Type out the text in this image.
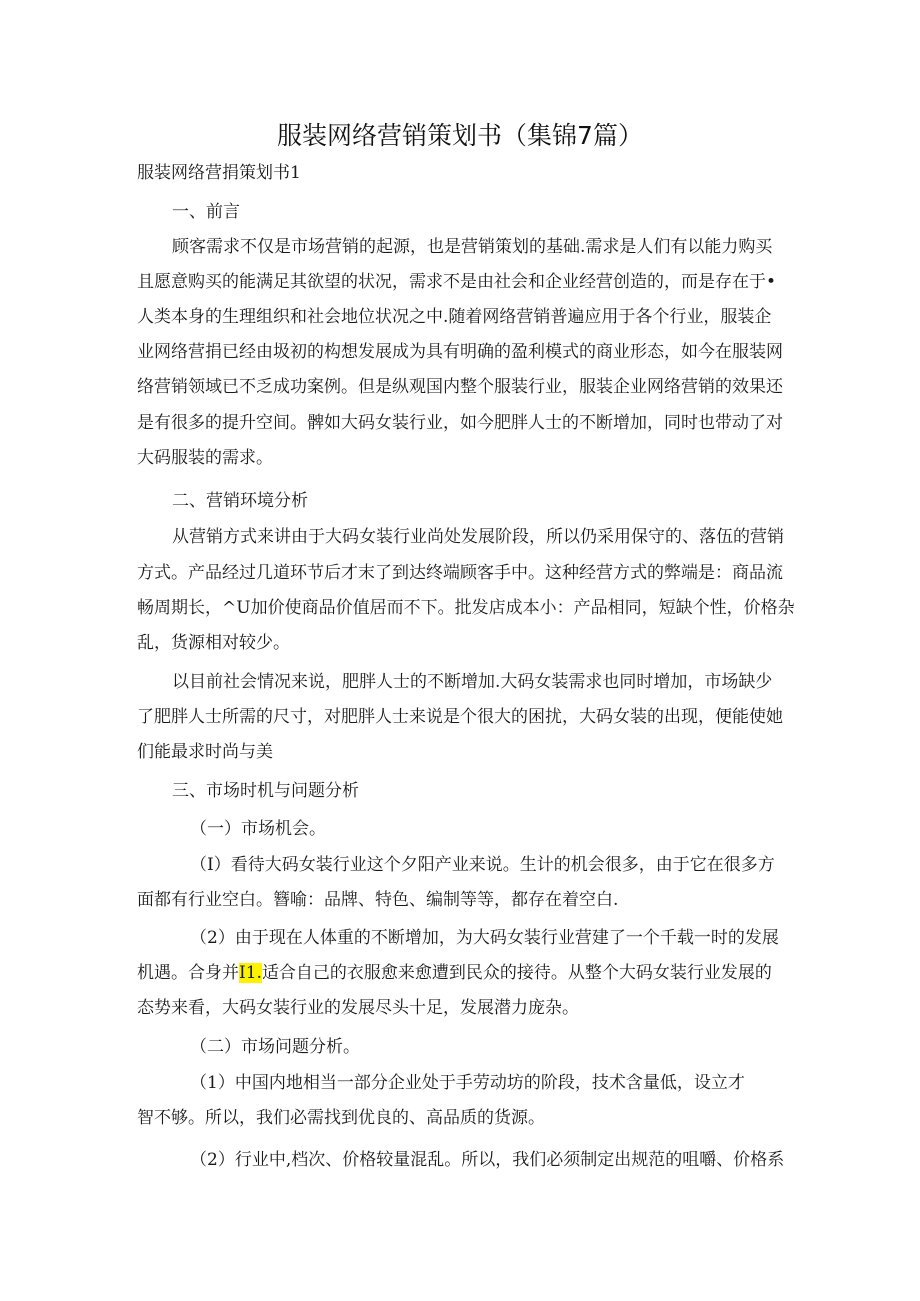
服装网络营销策划书（集锦7篇）
服装网络营捐策划书1
一、前言
顾客需求不仅是市场营销的起源，也是营销策划的基础.需求是人们有以能力购买
且愿意购买的能满足其欲望的状况，需求不是由社会和企业经营创造的，而是存在于•
人类本身的生理组织和社会地位状况之中.随着网络营销普遍应用于各个行业，服装企
业网络营捐已经由圾初的构想发展成为具有明确的盈利模式的商业形态，如今在服装网
络营销领域已不乏成功案例。但是纵观国内整个服装行业，服装企业网络营销的效果还
是有很多的提升空间。髀如大码女装行业，如今肥胖人士的不断增加，同时也带动了对
大码服装的需求。
二、营销环境分析
从营销方式来讲由于大码女装行业尚处发展阶段，所以仍采用保守的、落伍的营销
方式。产品经过几道环节后才末了到达终端顾客手中。这种经营方式的弊端是：商品流
畅周期长，^U加价使商品价值居而不下。批发店成本小：产品相同，短缺个性，价格杂
乱，货源相对较少。
以目前社会情况来说，肥胖人士的不断增加.大码女装需求也同时增加，市场缺少
了肥胖人士所需的尺寸，对肥胖人士来说是个很大的困扰，大码女装的出现，便能使她
们能最求时尚与美
三、市场时机与问题分析
（一）市场机会。
（I）看待大码女装行业这个夕阳产业来说。生计的机会很多，由于它在很多方
面都有行业空白。簪喻：品牌、特色、编制等等，都存在着空白.
（2）由于现在人体重的不断增加，为大码女装行业营建了一个千载一时的发展
机遇。合身并I1.适合自己的衣服愈来愈遭到民众的接待。从整个大码女装行业发展的
态势来看，大码女装行业的发展尽头十足，发展潜力庞杂。
（二）市场问题分析。
（1）中国内地相当一部分企业处于手劳动坊的阶段，技术含量低，设立才
智不够。所以，我们必需找到优良的、高品质的货源。
（2）行业中,档次、价格较量混乱。所以，我们必须制定出规范的咀嚼、价格系
